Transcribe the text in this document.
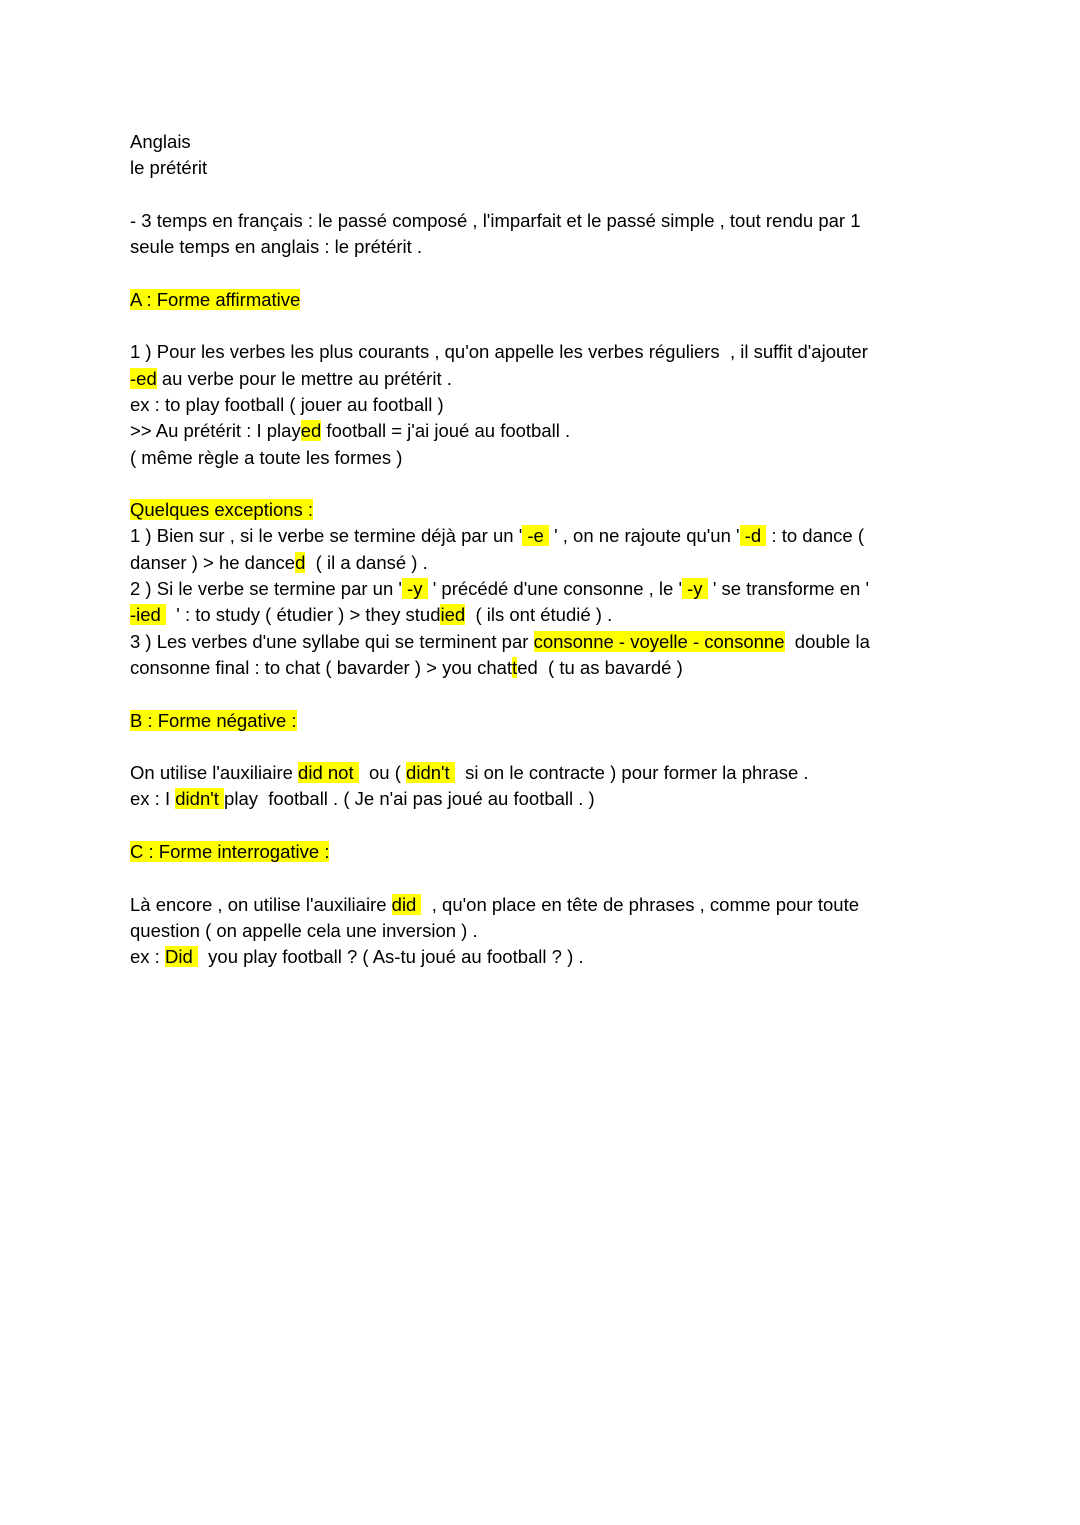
Anglais
le prétérit
- 3 temps en français : le passé composé , l'imparfait et le passé simple , tout rendu par 1
seule temps en anglais : le prétérit .
A : Forme affirmative
1 ) Pour les verbes les plus courants , qu'on appelle les verbes réguliers  , il suffit d'ajouter
-ed au verbe pour le mettre au prétérit .
ex : to play football ( jouer au football )
>> Au prétérit : I played football = j'ai joué au football .
( même règle a toute les formes )
Quelques exceptions :
1 ) Bien sur , si le verbe se termine déjà par un ' -e  ' , on ne rajoute qu'un ' -d  : to dance (
danser ) > he danced  ( il a dansé ) .
2 ) Si le verbe se termine par un ' -y  ' précédé d'une consonne , le ' -y  ' se transforme en '
-ied   ' : to study ( étudier ) > they studied  ( ils ont étudié ) .
3 ) Les verbes d'une syllabe qui se terminent par consonne - voyelle - consonne  double la
consonne final : to chat ( bavarder ) > you chatted  ( tu as bavardé )
B : Forme négative :
On utilise l'auxiliaire did not   ou ( didn't   si on le contracte ) pour former la phrase .
ex : I didn't play  football . ( Je n'ai pas joué au football . )
C : Forme interrogative :
Là encore , on utilise l'auxiliaire did   , qu'on place en tête de phrases , comme pour toute
question ( on appelle cela une inversion ) .
ex : Did   you play football ? ( As-tu joué au football ? ) .
